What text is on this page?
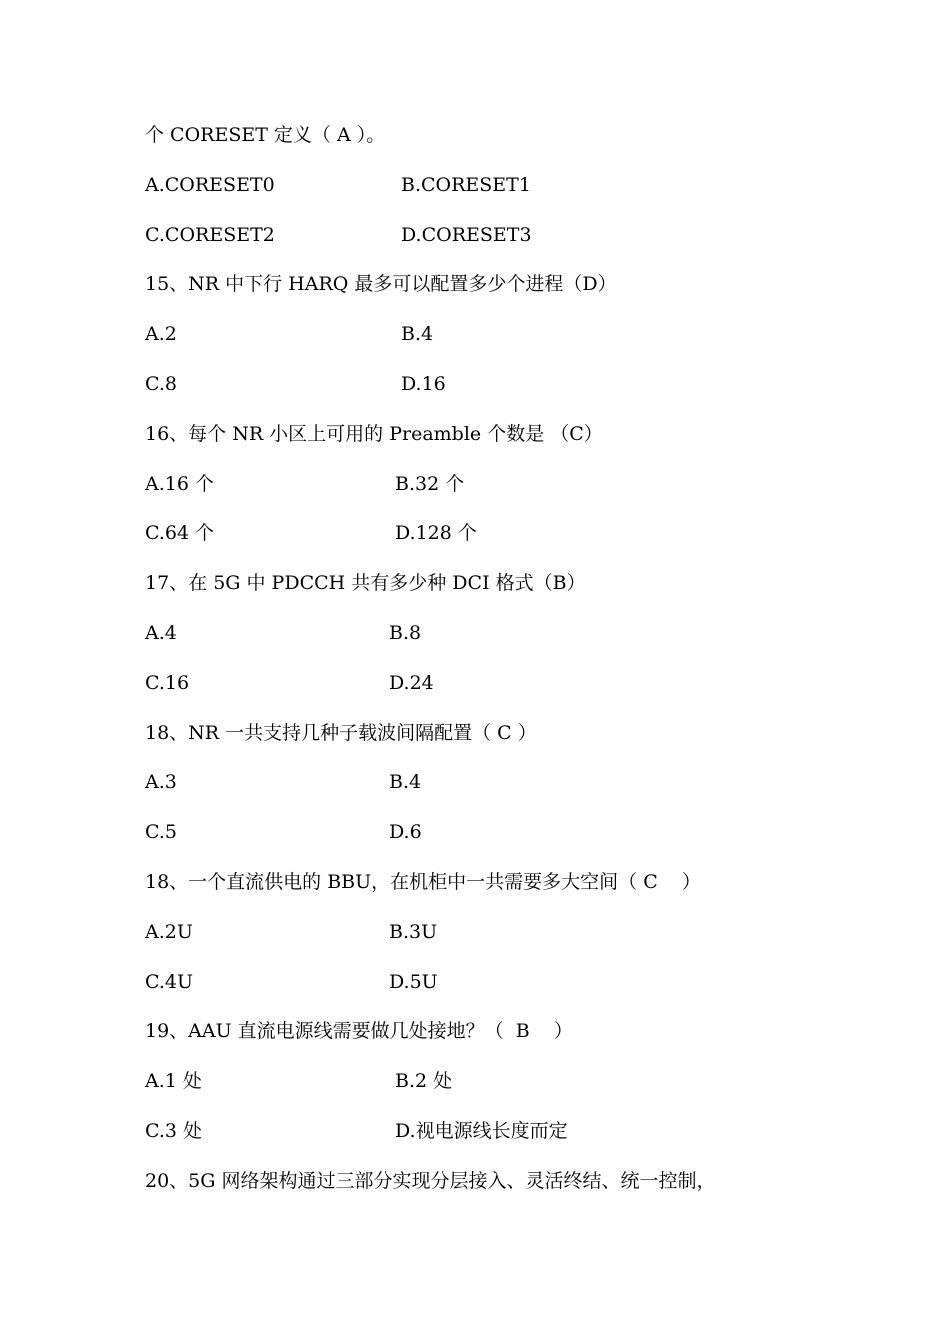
个 CORESET 定义（ A ）。
A.CORESET0	B.CORESET1
C.CORESET2	D.CORESET3
15、NR 中下行 HARQ 最多可以配置多少个进程（D）
A.2	B.4
C.8	D.16
16、每个 NR 小区上可用的 Preamble 个数是 （C）
A.16 个	B.32 个
C.64 个	D.128 个
17、在 5G 中 PDCCH 共有多少种 DCI 格式（B）
A.4	B.8
C.16	D.24
18、NR 一共支持几种子载波间隔配置（ C ）
A.3	B.4
C.5	D.6
18、一个直流供电的 BBU，在机柜中一共需要多大空间（ C    ）
A.2U	B.3U
C.4U	D.5U
19、AAU 直流电源线需要做几处接地？（  B    ）
A.1 处	B.2 处
C.3 处	D.视电源线长度而定
20、5G 网络架构通过三部分实现分层接入、灵活终结、统一控制，
